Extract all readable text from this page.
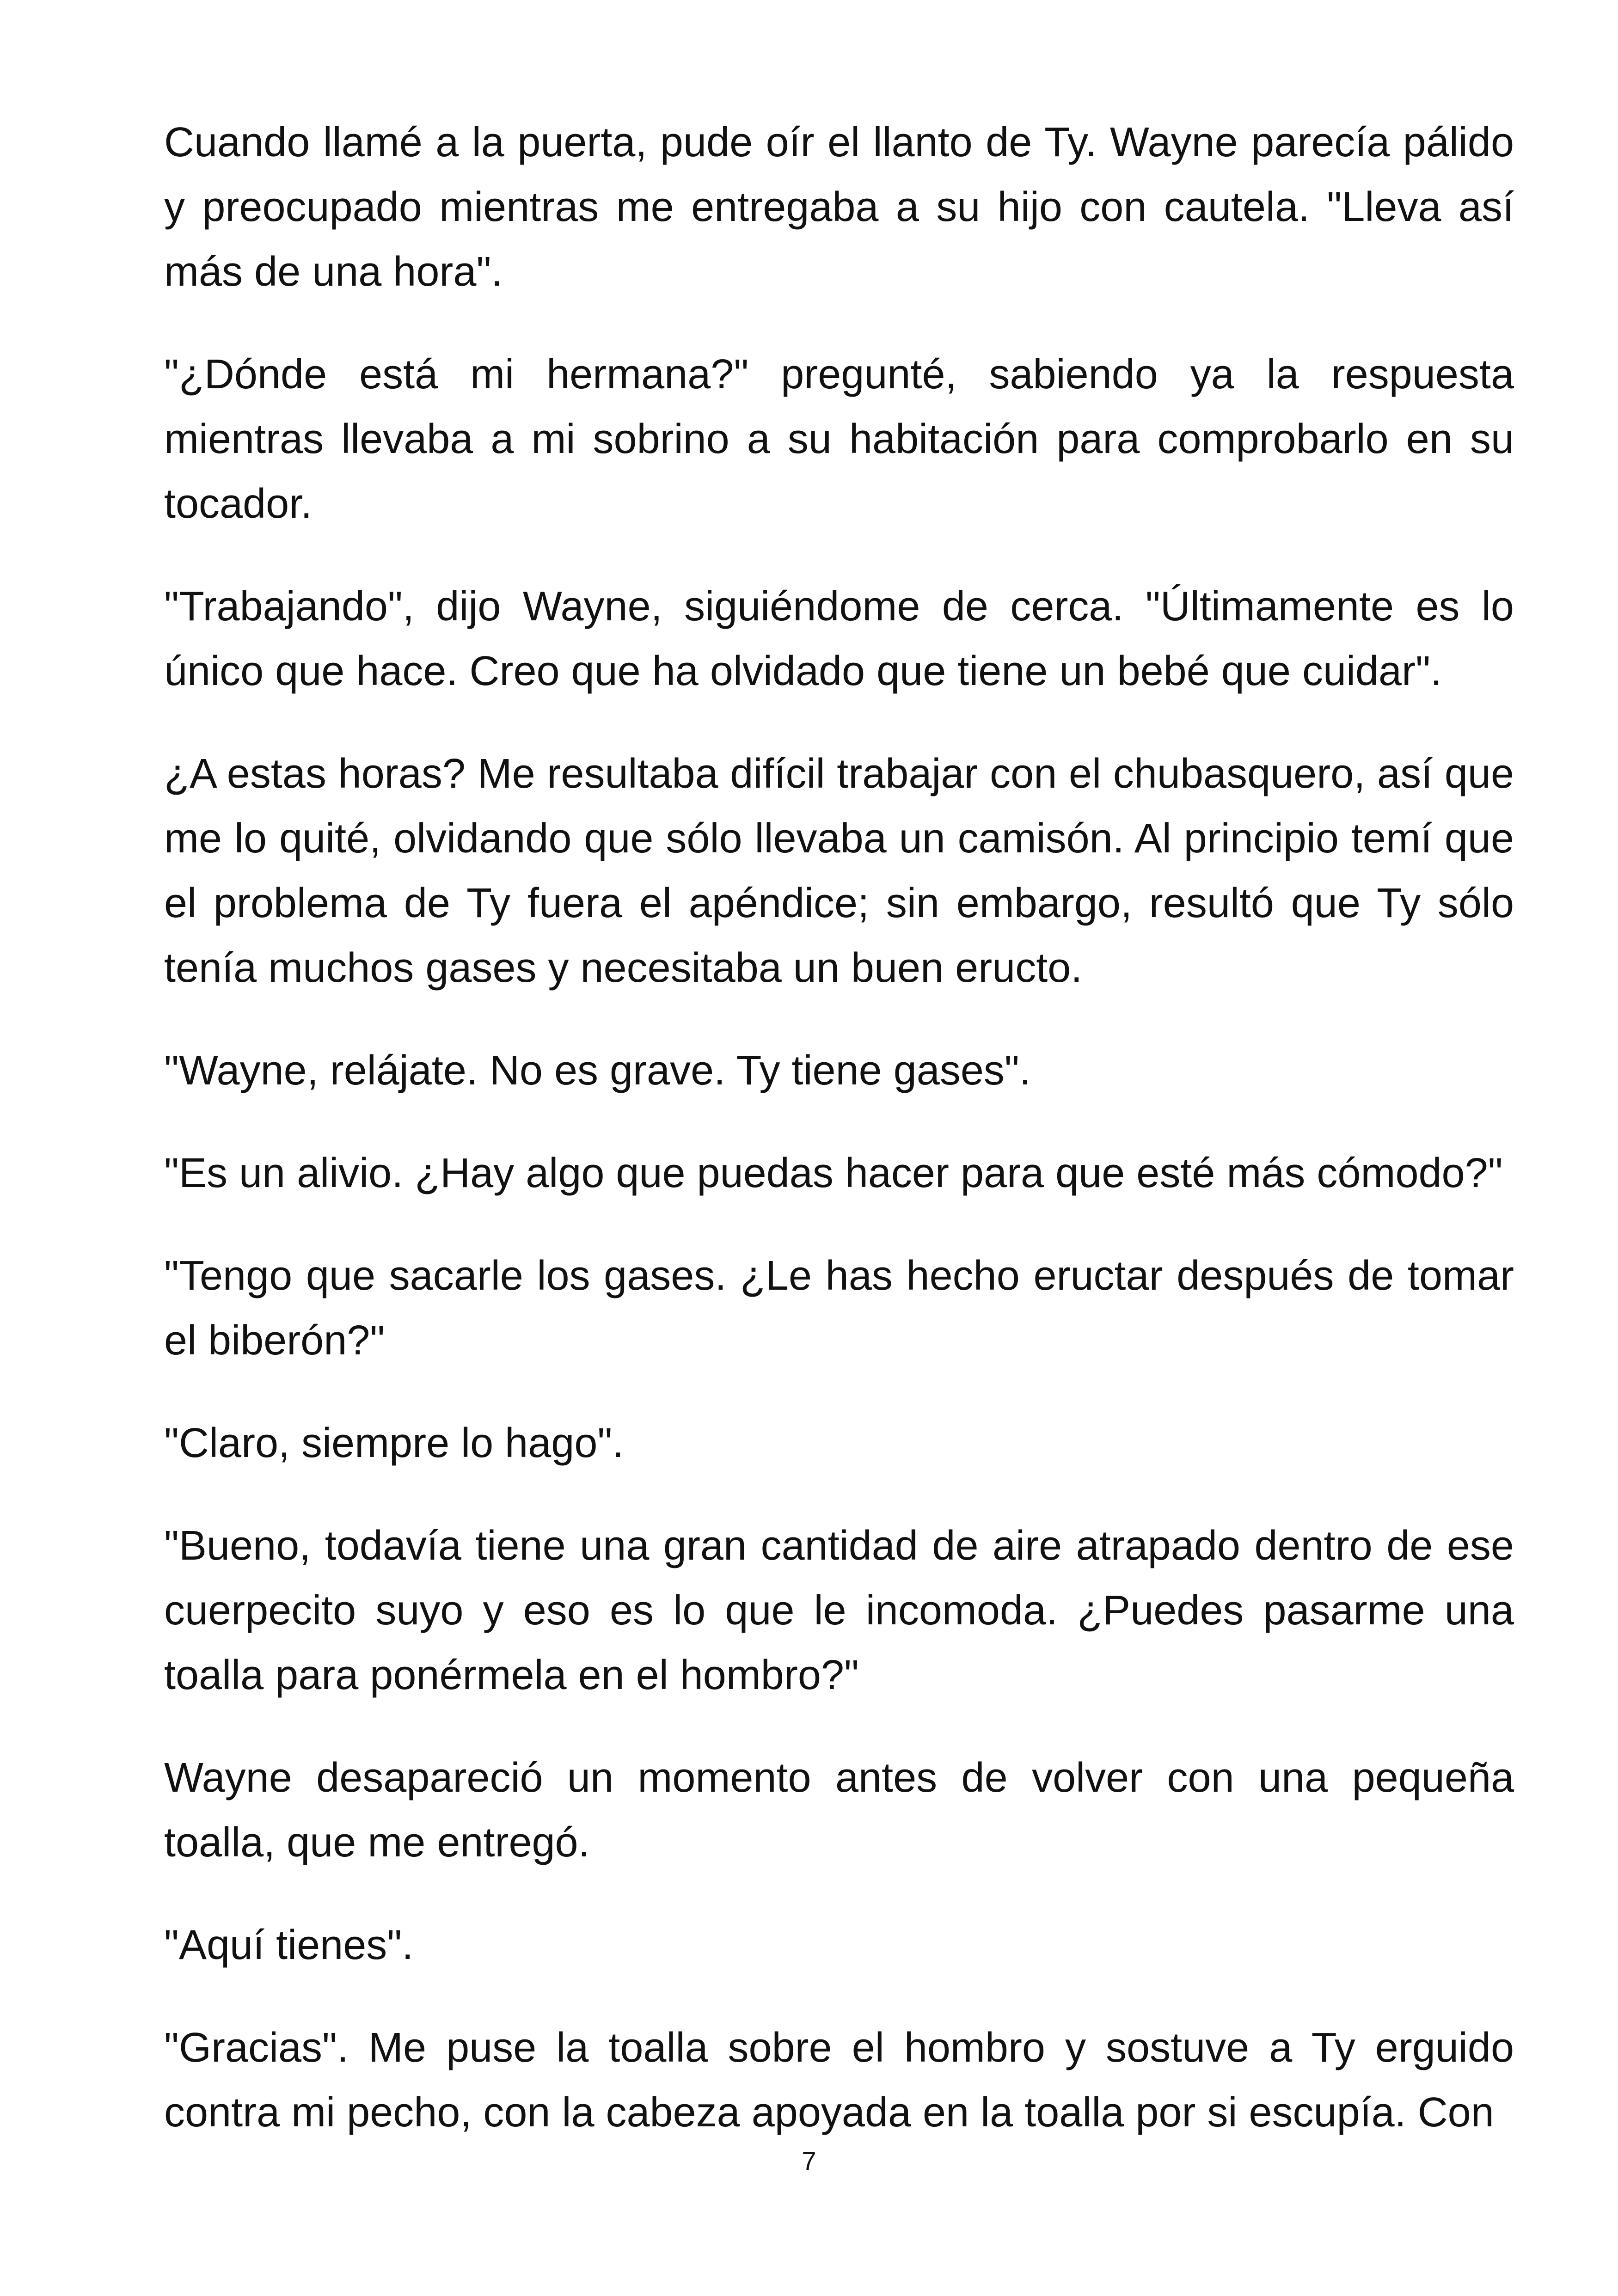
Cuando llamé a la puerta, pude oír el llanto de Ty. Wayne parecía pálido y preocupado mientras me entregaba a su hijo con cautela. "Lleva así más de una hora".

"¿Dónde está mi hermana?" pregunté, sabiendo ya la respuesta mientras llevaba a mi sobrino a su habitación para comprobarlo en su tocador.

"Trabajando", dijo Wayne, siguiéndome de cerca. "Últimamente es lo único que hace. Creo que ha olvidado que tiene un bebé que cuidar".

¿A estas horas? Me resultaba difícil trabajar con el chubasquero, así que me lo quité, olvidando que sólo llevaba un camisón. Al principio temí que el problema de Ty fuera el apéndice; sin embargo, resultó que Ty sólo tenía muchos gases y necesitaba un buen eructo.

"Wayne, relájate. No es grave. Ty tiene gases".

"Es un alivio. ¿Hay algo que puedas hacer para que esté más cómodo?"

"Tengo que sacarle los gases. ¿Le has hecho eructar después de tomar el biberón?"

"Claro, siempre lo hago".

"Bueno, todavía tiene una gran cantidad de aire atrapado dentro de ese cuerpecito suyo y eso es lo que le incomoda. ¿Puedes pasarme una toalla para ponérmela en el hombro?"

Wayne desapareció un momento antes de volver con una pequeña toalla, que me entregó.

"Aquí tienes".

"Gracias". Me puse la toalla sobre el hombro y sostuve a Ty erguido contra mi pecho, con la cabeza apoyada en la toalla por si escupía. Con

7
